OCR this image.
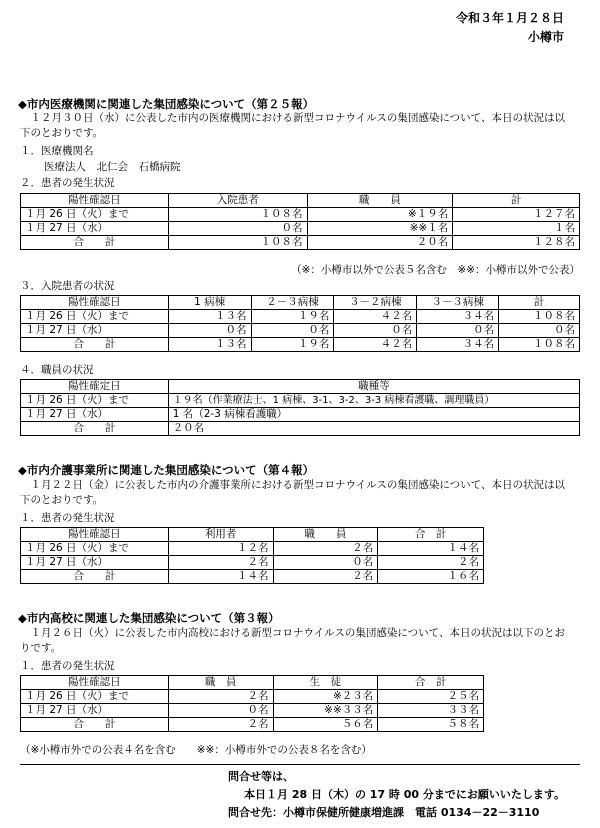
令和３年１月２８日
小樽市
◆市内医療機関に関連した集団感染について（第２５報）
１２月３０日（水）に公表した市内の医療機関における新型コロナウイルスの集団感染について、本日の状況は以下のとおりです。
１．医療機関名
医療法人　北仁会　石橋病院
２．患者の発生状況
陽性確認日	入院患者	職　　員	計
１月 26 日（火）まで	１０８名	※１９名	１２７名
１月 27 日（水）	０名	※※１名	１名
合　　計	１０８名	２０名	１２８名
（※：小樽市以外で公表５名含む　※※：小樽市以外で公表）
３．入院患者の状況
陽性確認日	1 病棟	２－３病棟	３－２病棟	３－３病棟	計
１月 26 日（火）まで	１３名	１９名	４２名	３４名	１０８名
１月 27 日（水）	０名	０名	０名	０名	０名
合　　計	１３名	１９名	４２名	３４名	１０８名
４．職員の状況
陽性確定日	職種等
１月 26 日（火）まで	１９名（作業療法士、1 病棟、3-1、3-2、3-3 病棟看護職、調理職員）
１月 27 日（水）	1 名（2-3 病棟看護職）
合　　計	２０名
◆市内介護事業所に関連した集団感染について（第４報）
１月２２日（金）に公表した市内の介護事業所における新型コロナウイルスの集団感染について、本日の状況は以下のとおりです。
１．患者の発生状況
陽性確認日	利用者	職　　員	合　計
１月 26 日（火）まで	１２名	２名	１４名
１月 27 日（水）	２名	０名	２名
合　　計	１４名	２名	１６名
◆市内高校に関連した集団感染について（第３報）
１月２６日（火）に公表した市内高校における新型コロナウイルスの集団感染について、本日の状況は以下のとおりです。
１．患者の発生状況
陽性確認日	職　員	生　徒	合　計
１月 26 日（火）まで	２名	※２３名	２５名
１月 27 日（水）	０名	※※３３名	３３名
合　　計	２名	５６名	５８名
（※小樽市外での公表４名を含む　　※※：小樽市外での公表８名を含む）
問合せ等は、
本日１月 28 日（木）の 17 時 00 分までにお願いいたします。
問合せ先：小樽市保健所健康増進課　電話 0134－22－3110
